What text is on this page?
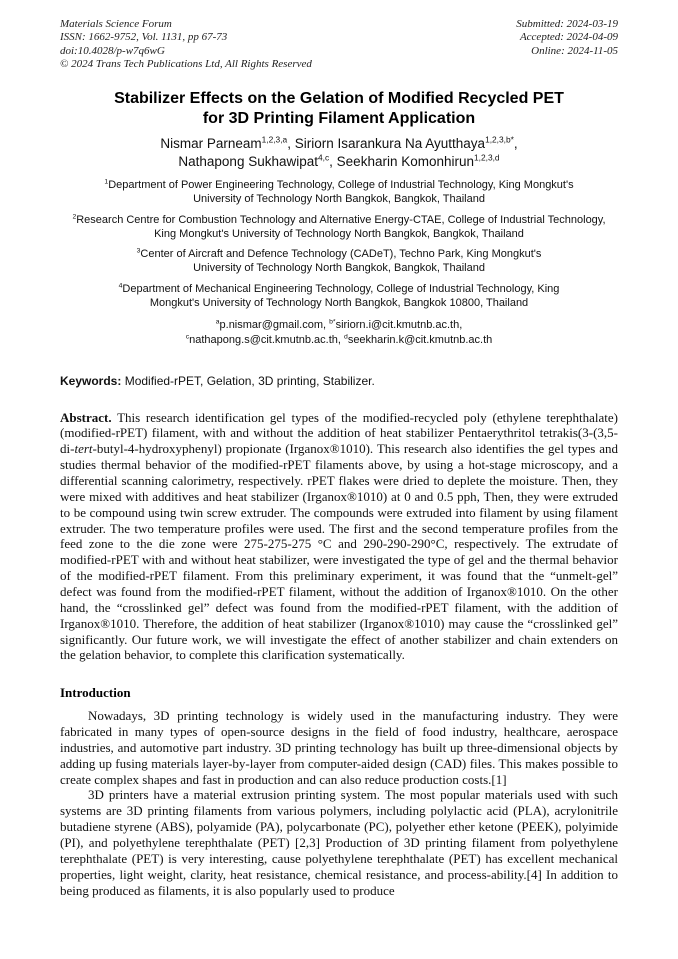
Materials Science Forum
ISSN: 1662-9752, Vol. 1131, pp 67-73
doi:10.4028/p-w7q6wG
© 2024 Trans Tech Publications Ltd, All Rights Reserved
Submitted: 2024-03-19
Accepted: 2024-04-09
Online: 2024-11-05
Stabilizer Effects on the Gelation of Modified Recycled PET
for 3D Printing Filament Application
Nismar Parneam$^{1,2,3,a}$, Siriorn Isarankura Na Ayutthaya$^{1,2,3,b*}$,
Nathapong Sukhawipat$^{4,c}$, Seekharin Komonhirun$^{1,2,3,d}$
$^1$Department of Power Engineering Technology, College of Industrial Technology, King Mongkut's University of Technology North Bangkok, Bangkok, Thailand
$^2$Research Centre for Combustion Technology and Alternative Energy-CTAE, College of Industrial Technology, King Mongkut's University of Technology North Bangkok, Bangkok, Thailand
$^3$Center of Aircraft and Defence Technology (CADeT), Techno Park, King Mongkut's University of Technology North Bangkok, Bangkok, Thailand
$^4$Department of Mechanical Engineering Technology, College of Industrial Technology, King Mongkut's University of Technology North Bangkok, Bangkok 10800, Thailand
$^a$p.nismar@gmail.com, $^{b*}$siriorn.i@cit.kmutnb.ac.th,
$^c$nathapong.s@cit.kmutnb.ac.th, $^d$seekharin.k@cit.kmutnb.ac.th
Keywords: Modified-rPET, Gelation, 3D printing, Stabilizer.
Abstract. This research identification gel types of the modified-recycled poly (ethylene terephthalate) (modified-rPET) filament, with and without the addition of heat stabilizer Pentaerythritol tetrakis(3-(3,5-di-tert-butyl-4-hydroxyphenyl) propionate (Irganox®1010). This research also identifies the gel types and studies thermal behavior of the modified-rPET filaments above, by using a hot-stage microscopy, and a differential scanning calorimetry, respectively. rPET flakes were dried to deplete the moisture. Then, they were mixed with additives and heat stabilizer (Irganox®1010) at 0 and 0.5 pph, Then, they were extruded to be compound using twin screw extruder. The compounds were extruded into filament by using filament extruder. The two temperature profiles were used. The first and the second temperature profiles from the feed zone to the die zone were 275-275-275 °C and 290-290-290°C, respectively. The extrudate of modified-rPET with and without heat stabilizer, were investigated the type of gel and the thermal behavior of the modified-rPET filament. From this preliminary experiment, it was found that the “unmelt-gel” defect was found from the modified-rPET filament, without the addition of Irganox®1010. On the other hand, the “crosslinked gel” defect was found from the modified-rPET filament, with the addition of Irganox®1010. Therefore, the addition of heat stabilizer (Irganox®1010) may cause the “crosslinked gel” significantly. Our future work, we will investigate the effect of another stabilizer and chain extenders on the gelation behavior, to complete this clarification systematically.
Introduction

Nowadays, 3D printing technology is widely used in the manufacturing industry. They were fabricated in many types of open-source designs in the field of food industry, healthcare, aerospace industries, and automotive part industry. 3D printing technology has built up three-dimensional objects by adding up fusing materials layer-by-layer from computer-aided design (CAD) files. This makes possible to create complex shapes and fast in production and can also reduce production costs.[1]

3D printers have a material extrusion printing system. The most popular materials used with such systems are 3D printing filaments from various polymers, including polylactic acid (PLA), acrylonitrile butadiene styrene (ABS), polyamide (PA), polycarbonate (PC), polyether ether ketone (PEEK), polyimide (PI), and polyethylene terephthalate (PET) [2,3] Production of 3D printing filament from polyethylene terephthalate (PET) is very interesting, cause polyethylene terephthalate (PET) has excellent mechanical properties, light weight, clarity, heat resistance, chemical resistance, and process-ability.[4] In addition to being produced as filaments, it is also popularly used to produce
